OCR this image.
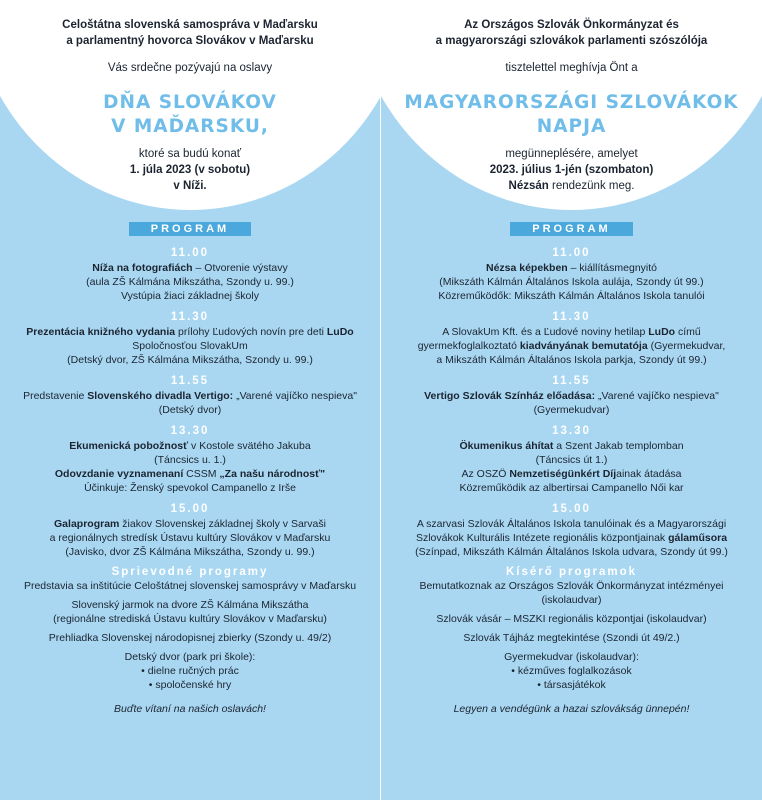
Celoštátna slovenská samospráva v Maďarsku
a parlamentný hovorca Slovákov v Maďarsku
Vás srdečne pozývajú na oslavy
DŇA SLOVÁKOV
V MAĎARSKU,
ktoré sa budú konať
1. júla 2023 (v sobotu)
v Níži.
PROGRAM
11.00

Níža na fotografiách – Otvorenie výstavy

(aula ZŠ Kálmána Mikszátha, Szondy u. 99.)

Vystúpia žiaci základnej školy

11.30

Prezentácia knižného vydania prílohy Ľudových novín pre deti LuDo

Spoločnosťou SlovakUm

(Detský dvor, ZŠ Kálmána Mikszátha, Szondy u. 99.)

11.55

Predstavenie Slovenského divadla Vertigo: „Varené vajíčko nespieva"

(Detský dvor)

13.30

Ekumenická pobožnosť v Kostole svätého Jakuba

(Táncsics u. 1.)

Odovzdanie vyznamenaní CSSM „Za našu národnosť"

Účinkuje: Ženský spevokol Campanello z Irše

15.00

Galaprogram žiakov Slovenskej základnej školy v Sarvaši

a regionálnych stredísk Ústavu kultúry Slovákov v Maďarsku

(Javisko, dvor ZŠ Kálmána Mikszátha, Szondy u. 99.)

Sprievodné programy

Predstavia sa inštitúcie Celoštátnej slovenskej samosprávy v Maďarsku

Slovenský jarmok na dvore ZŠ Kálmána Mikszátha

(regionálne strediská Ústavu kultúry Slovákov v Maďarsku)

Prehliadka Slovenskej národopisnej zbierky (Szondy u. 49/2)

Detský dvor (park pri škole):

• dielne ručných prác

• spoločenské hry

Buďte vítaní na našich oslavách!
Az Országos Szlovák Önkormányzat és
a magyarországi szlovákok parlamenti szószólója
tisztelettel meghívja Önt a
MAGYARORSZÁGI SZLOVÁKOK
NAPJA
megünneplésére, amelyet
2023. július 1-jén (szombaton)
Nézsán rendezünk meg.
PROGRAM
11.00

Nézsa képekben – kiállításmegnyitó

(Mikszáth Kálmán Általános Iskola aulája, Szondy út 99.)

Közreműködők: Mikszáth Kálmán Általános Iskola tanulói

11.30

A SlovakUm Kft. és a Ľudové noviny hetilap LuDo című

gyermekfoglalkoztató kiadványának bemutatója (Gyermekudvar,

a Mikszáth Kálmán Általános Iskola parkja, Szondy út 99.)

11.55

Vertigo Szlovák Színház előadása: „Varené vajíčko nespieva"

(Gyermekudvar)

13.30

Ökumenikus áhítat a Szent Jakab templomban

(Táncsics út 1.)

Az OSZÖ Nemzetiségünkért Díjainak átadása

Közreműködik az albertirsai Campanello Női kar

15.00

A szarvasi Szlovák Általános Iskola tanulóinak és a Magyarországi

Szlovákok Kulturális Intézete regionális központjainak gálaműsora

(Színpad, Mikszáth Kálmán Általános Iskola udvara, Szondy út 99.)

Kísérő programok

Bemutatkoznak az Országos Szlovák Önkormányzat intézményei

(iskolaudvar)

Szlovák vásár – MSZKI regionális központjai (iskolaudvar)

Szlovák Tájház megtekintése (Szondi út 49/2.)

Gyermekudvar (iskolaudvar):

• kézműves foglalkozások

• társasjátékok

Legyen a vendégünk a hazai szlovákság ünnepén!
